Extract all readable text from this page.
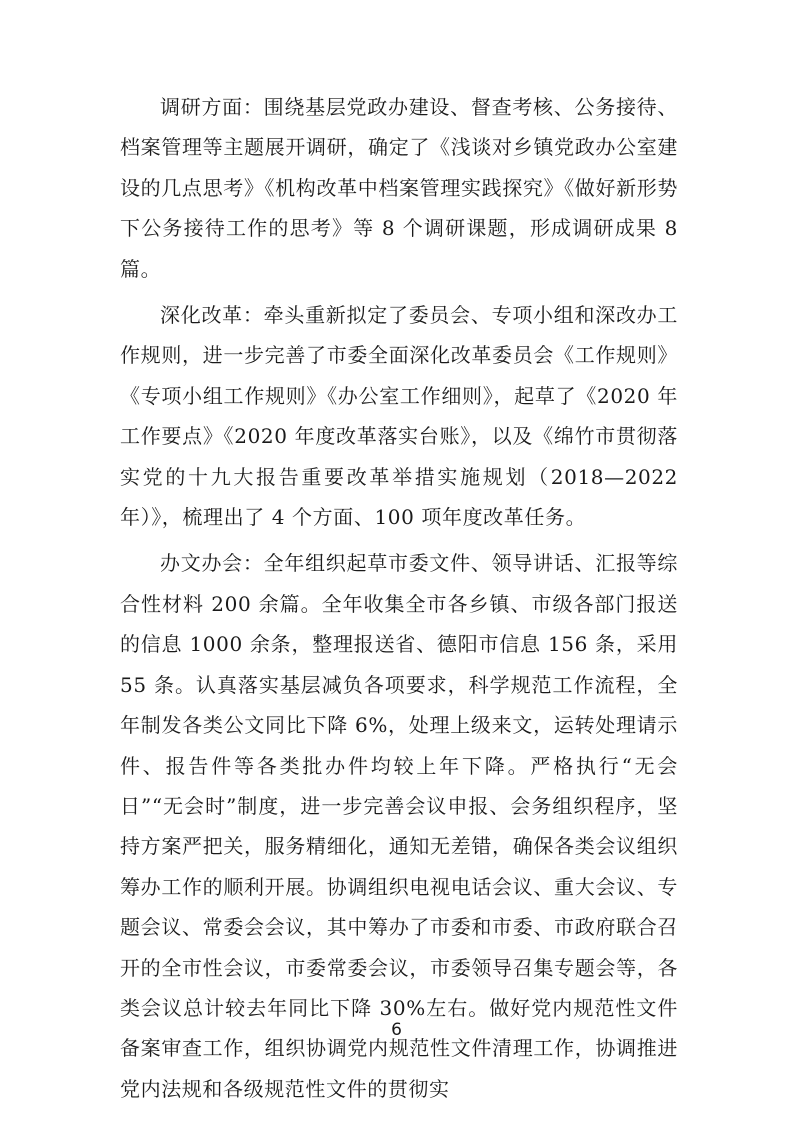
调研方面：围绕基层党政办建设、督查考核、公务接待、档案管理等主题展开调研，确定了《浅谈对乡镇党政办公室建设的几点思考》《机构改革中档案管理实践探究》《做好新形势下公务接待工作的思考》等 8 个调研课题，形成调研成果 8 篇。

深化改革：牵头重新拟定了委员会、专项小组和深改办工作规则，进一步完善了市委全面深化改革委员会《工作规则》《专项小组工作规则》《办公室工作细则》，起草了《2020 年工作要点》《2020 年度改革落实台账》，以及《绵竹市贯彻落实党的十九大报告重要改革举措实施规划（2018—2022 年）》，梳理出了 4 个方面、100 项年度改革任务。

办文办会：全年组织起草市委文件、领导讲话、汇报等综合性材料 200 余篇。全年收集全市各乡镇、市级各部门报送的信息 1000 余条，整理报送省、德阳市信息 156 条，采用 55 条。认真落实基层减负各项要求，科学规范工作流程，全年制发各类公文同比下降 6%，处理上级来文，运转处理请示件、报告件等各类批办件均较上年下降。严格执行“无会日”“无会时”制度，进一步完善会议申报、会务组织程序，坚持方案严把关，服务精细化，通知无差错，确保各类会议组织筹办工作的顺利开展。协调组织电视电话会议、重大会议、专题会议、常委会会议，其中筹办了市委和市委、市政府联合召开的全市性会议，市委常委会议，市委领导召集专题会等，各类会议总计较去年同比下降 30%左右。做好党内规范性文件备案审查工作，组织协调党内规范性文件清理工作，协调推进党内法规和各级规范性文件的贯彻实

6
